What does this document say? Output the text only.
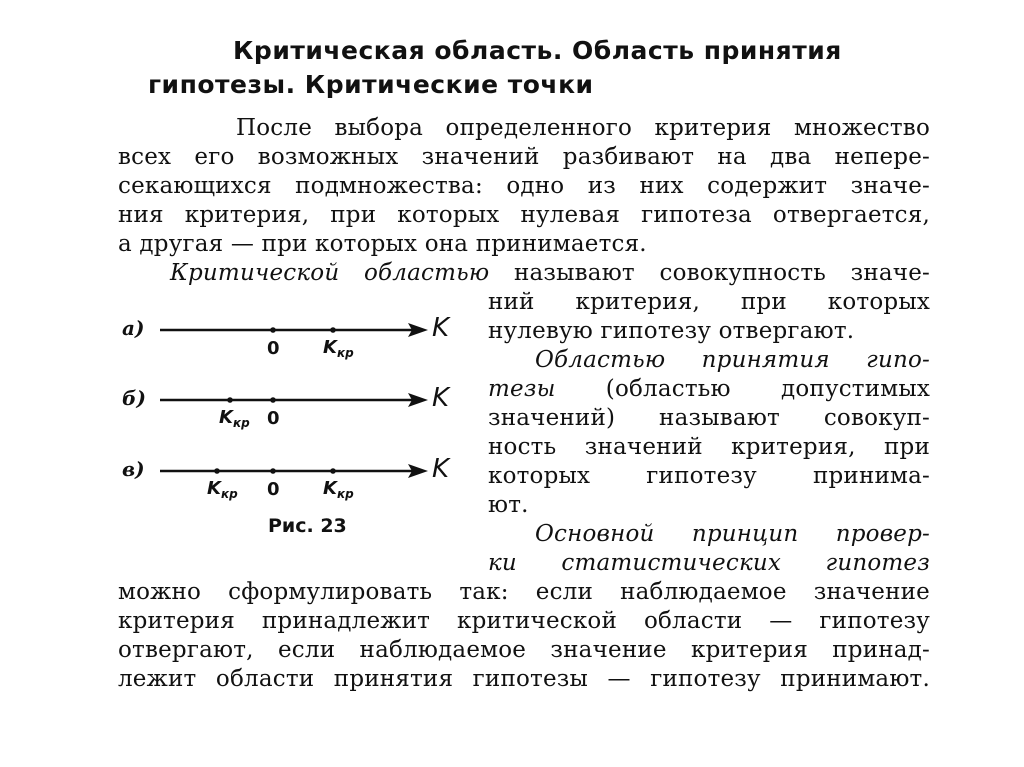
Критическая область. Область принятия
гипотезы. Критические точки
После выбора определенного критерия множество
всех его возможных значений разбивают на два непере-
секающихся подмножества: одно из них содержит значе-
ния критерия, при которых нулевая гипотеза отвергается,
а другая — при которых она принимается.
Критической областью называют совокупность значе-
ний критерия, при которых
нулевую гипотезу отвергают.
Областью принятия гипо-
тезы (областью допустимых
значений) называют совокуп-
ность значений критерия, при
которых гипотезу принима-
ют.
Основной принцип провер-
ки статистических гипотез
можно сформулировать так: если наблюдаемое значение
критерия принадлежит критической области — гипотезу
отвергают, если наблюдаемое значение критерия принад-
лежит области принятия гипотезы — гипотезу принимают.
а)	K
0 $K_{кр}$
б)	K
$K_{кр}$ 0
в)	K
$K_{кр}$ 0 $K_{кр}$
Рис. 23
